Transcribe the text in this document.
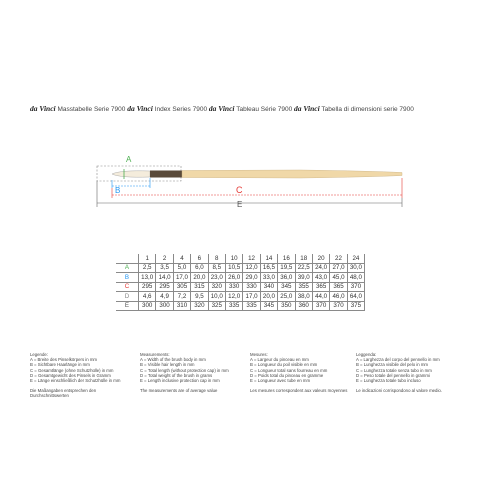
da Vinci Masstabelle Serie 7900 da Vinci Index Series 7900 da Vinci Tableau Série 7900 da Vinci Tabella di dimensioni serie 7900
A
B	C
E
	1	2	4	6	8	10	12	14	16	18	20	22	24
A	2,5	3,5	5,0	6,0	8,5	10,5	12,0	16,5	19,5	22,5	24,0	27,0	30,0
B	13,0	14,0	17,0	20,0	23,0	26,0	29,0	33,0	36,0	39,0	43,0	45,0	48,0
C	295	295	305	315	320	330	330	340	345	355	365	365	370
D	4,6	4,9	7,2	9,5	10,0	12,0	17,0	20,0	25,0	38,0	44,0	46,0	64,0
E	300	300	310	320	325	335	335	345	350	360	370	370	375
Legende:
A = Breite des Pinselkörpers in mm
B = Sichtbare Haarlänge in mm
C = Gesamtlänge (ohne Schutzhülle) in mm
D = Gesamtgewicht des Pinsels in Gramm
E = Länge einschließlich der Schutzhülle in mm
Die Maßangaben entsprechen den Durchschnittswerten
Measurements:
A = Width of the brush body in mm
B = Visible hair length in mm
C = Total length (without protection cap) in mm
D = Total weight of the brush in grams
E = Length inclusive protection cap in mm
The measurements are of average value
Mesures:
A = Largeur du pinceau en mm
B = Longueur du poil visible en mm
C = Longueur total sans fourreau en mm
D = Poids total du pinceau en gramme
E = Longueur avec tube en mm
Les mesures correspondent aux valeurs moyennes
Leggenda:
A = Larghezza del corpo del pennello in mm
B = Lunghezza visibile del pelo in mm
C = Lunghezza totale senza tubo in mm
D = Peso totale del pennello in grammi
E = Lunghezza totale tubo incluso
Le indicazioni corrispondono al valore medio.
